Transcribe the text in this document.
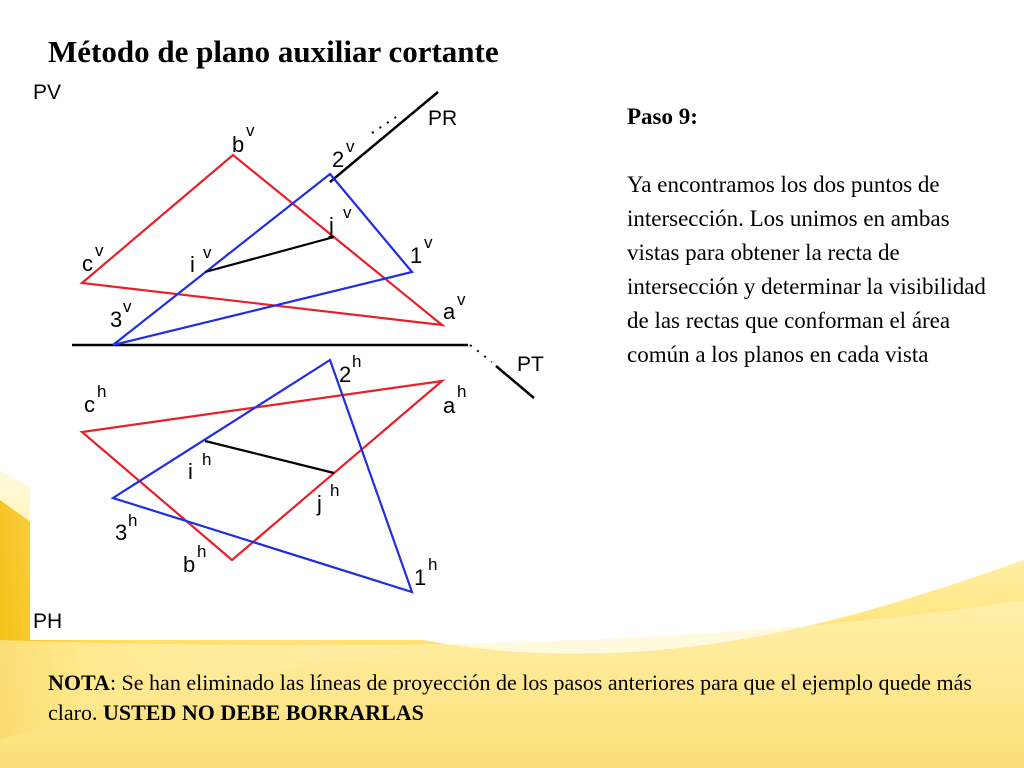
Método de plano auxiliar cortante
PV
PR
PT
PH
b
v
2
v
j
v
c
v
i v	1
v
3
v	a v
2
h
c
h
a
h
i h
j
h
3 h
b
h
1
h

Paso 9:

Ya encontramos los dos puntos de intersección. Los unimos en ambas vistas para obtener la recta de intersección y determinar la visibilidad de las rectas que conforman el área común a los planos en cada vista

NOTA: Se han eliminado las líneas de proyección de los pasos anteriores para que el ejemplo quede más claro. USTED NO DEBE BORRARLAS
